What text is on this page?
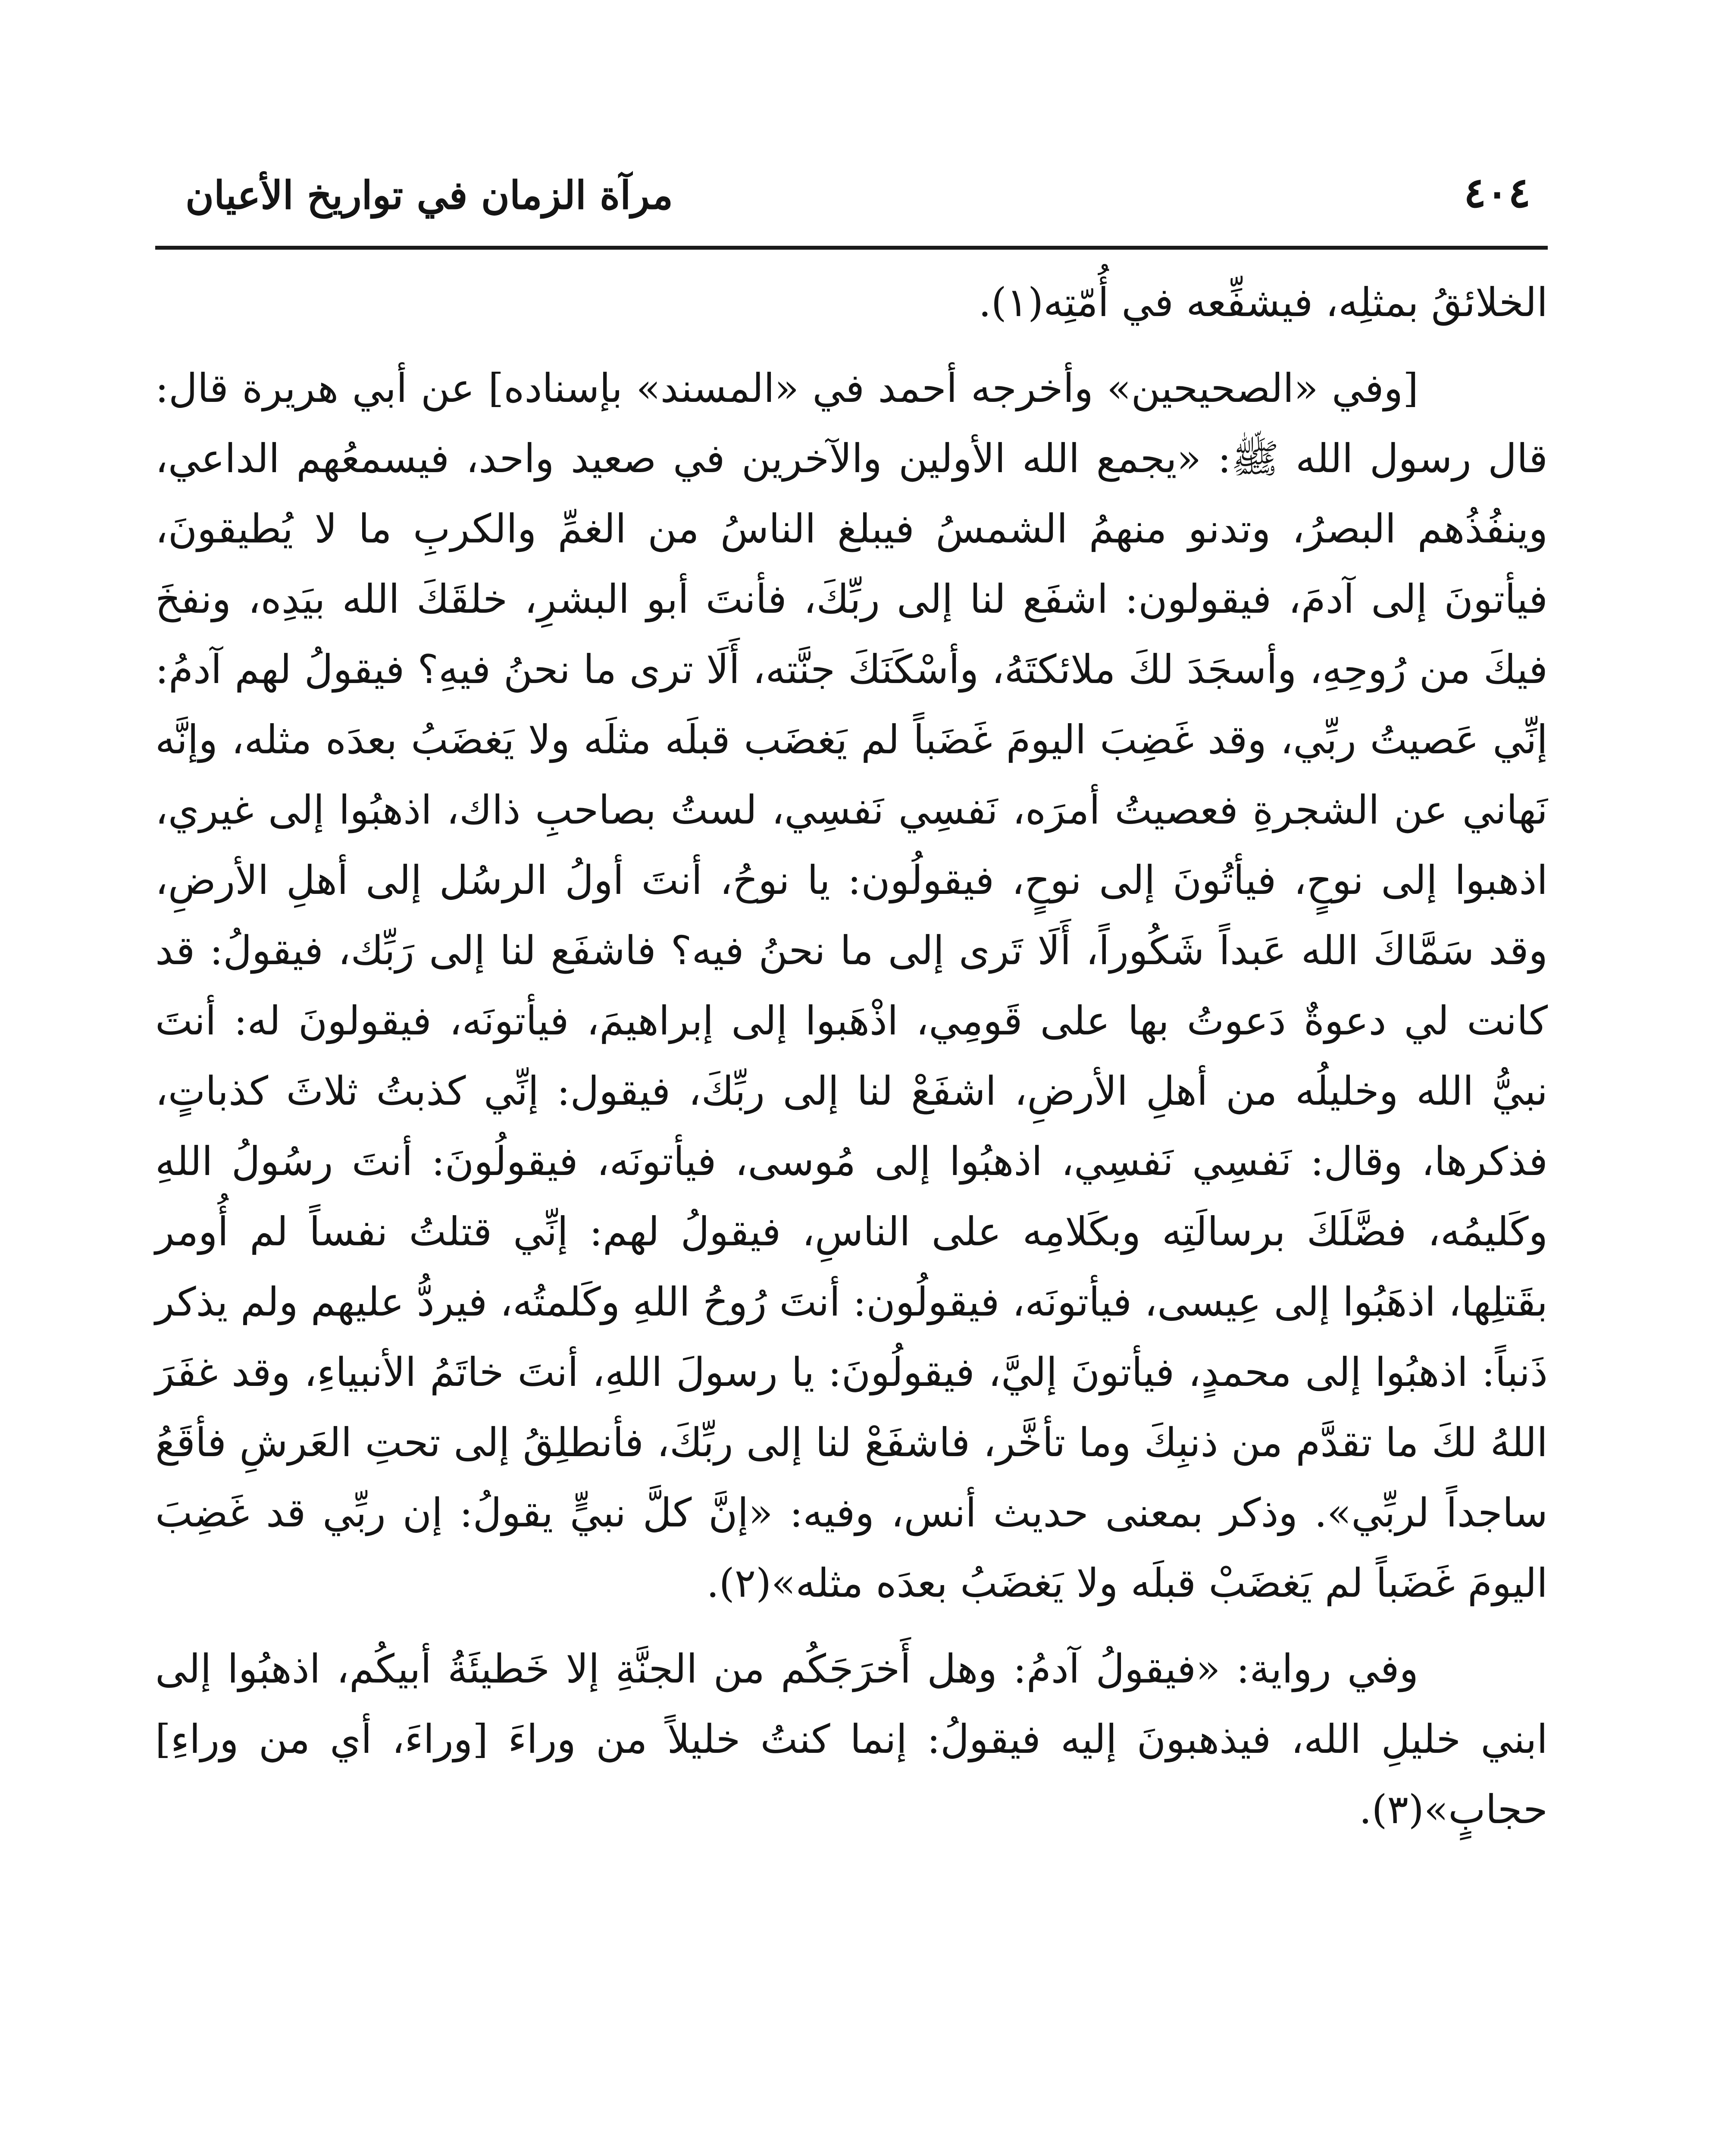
٤٠٤
مرآة الزمان في تواريخ الأعيان

الخلائقُ بمثلِه، فيشفِّعه في أُمّتِه(١).

[وفي «الصحيحين» وأخرجه أحمد في «المسند» بإسناده] عن أبي هريرة قال: قال رسول الله ﷺ: «يجمع الله الأولين والآخرين في صعيد واحد، فيسمعُهم الداعي، وينفُذُهم البصرُ، وتدنو منهمُ الشمسُ فيبلغ الناسُ من الغمِّ والكربِ ما لا يُطيقونَ، فيأتونَ إلى آدمَ، فيقولون: اشفَع لنا إلى ربِّكَ، فأنتَ أبو البشرِ، خلقَكَ الله بيَدِه، ونفخَ فيكَ من رُوحِهِ، وأسجَدَ لكَ ملائكتَهُ، وأسْكَنَكَ جنَّته، أَلَا ترى ما نحنُ فيهِ؟ فيقولُ لهم آدمُ: إنِّي عَصيتُ ربِّي، وقد غَضِبَ اليومَ غَضَباً لم يَغضَب قبلَه مثلَه ولا يَغضَبُ بعدَه مثله، وإنَّه نَهاني عن الشجرةِ فعصيتُ أمرَه، نَفسِي نَفسِي، لستُ بصاحبِ ذاك، اذهبُوا إلى غيري، اذهبوا إلى نوحٍ، فيأتُونَ إلى نوحٍ، فيقولُون: يا نوحُ، أنتَ أولُ الرسُل إلى أهلِ الأرضِ، وقد سَمَّاكَ الله عَبداً شَكُوراً، أَلَا تَرى إلى ما نحنُ فيه؟ فاشفَع لنا إلى رَبِّك، فيقولُ: قد كانت لي دعوةٌ دَعوتُ بها على قَومِي، اذْهَبوا إلى إبراهيمَ، فيأتونَه، فيقولونَ له: أنتَ نبيُّ الله وخليلُه من أهلِ الأرضِ، اشفَعْ لنا إلى ربِّكَ، فيقول: إنِّي كذبتُ ثلاثَ كذباتٍ، فذكرها، وقال: نَفسِي نَفسِي، اذهبُوا إلى مُوسى، فيأتونَه، فيقولُونَ: أنتَ رسُولُ اللهِ وكَليمُه، فضَّلَكَ برسالَتِه وبكَلامِه على الناسِ، فيقولُ لهم: إنِّي قتلتُ نفساً لم أُومر بقَتلِها، اذهَبُوا إلى عِيسى، فيأتونَه، فيقولُون: أنتَ رُوحُ اللهِ وكَلمتُه، فيردُّ عليهم ولم يذكر ذَنباً: اذهبُوا إلى محمدٍ، فيأتونَ إليَّ، فيقولُونَ: يا رسولَ اللهِ، أنتَ خاتَمُ الأنبياءِ، وقد غفَرَ اللهُ لكَ ما تقدَّم من ذنبِكَ وما تأخَّر، فاشفَعْ لنا إلى ربِّكَ، فأنطلِقُ إلى تحتِ العَرشِ فأقَعُ ساجداً لربِّي». وذكر بمعنى حديث أنس، وفيه: «إنَّ كلَّ نبيٍّ يقولُ: إن ربِّي قد غَضِبَ اليومَ غَضَباً لم يَغضَبْ قبلَه ولا يَغضَبُ بعدَه مثله»(٢).

وفي رواية: «فيقولُ آدمُ: وهل أَخرَجَكُم من الجنَّةِ إلا خَطيئَةُ أبيكُم، اذهبُوا إلى ابني خليلِ الله، فيذهبونَ إليه فيقولُ: إنما كنتُ خليلاً من وراءَ [وراءَ، أي من وراءِ] حجابٍ»(٣).
